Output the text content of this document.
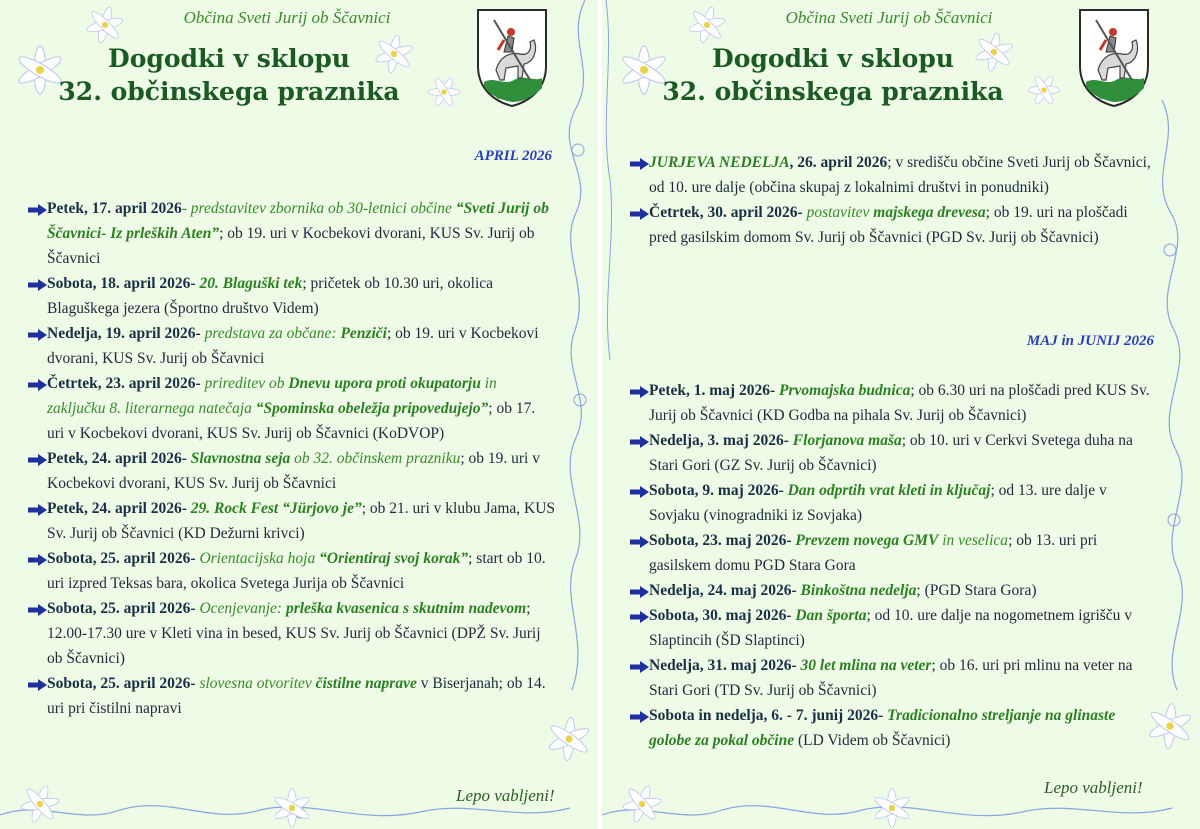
Občina Sveti Jurij ob Ščavnici
Dogodki v sklopu
32. občinskega praznika
APRIL 2026

Petek, 17. april 2026- predstavitev zbornika ob 30-letnici občine “Sveti Jurij ob Ščavnici- Iz prleških Aten”; ob 19. uri v Kocbekovi dvorani, KUS Sv. Jurij ob Ščavnici

Sobota, 18. april 2026- 20. Blaguški tek; pričetek ob 10.30 uri, okolica Blaguškega jezera (Športno društvo Videm)

Nedelja, 19. april 2026- predstava za občane: Penziči; ob 19. uri v Kocbekovi dvorani, KUS Sv. Jurij ob Ščavnici

Četrtek, 23. april 2026- prireditev ob Dnevu upora proti okupatorju in zaključku 8. literarnega natečaja “Spominska obeležja pripovedujejo”; ob 17. uri v Kocbekovi dvorani, KUS Sv. Jurij ob Ščavnici (KoDVOP)

Petek, 24. april 2026- Slavnostna seja ob 32. občinskem prazniku; ob 19. uri v Kocbekovi dvorani, KUS Sv. Jurij ob Ščavnici

Petek, 24. april 2026- 29. Rock Fest “Jürjovo je”; ob 21. uri v klubu Jama, KUS Sv. Jurij ob Ščavnici (KD Dežurni krivci)

Sobota, 25. april 2026- Orientacijska hoja “Orientiraj svoj korak”; start ob 10. uri izpred Teksas bara, okolica Svetega Jurija ob Ščavnici

Sobota, 25. april 2026- Ocenjevanje: prleška kvasenica s skutnim nadevom; 12.00-17.30 ure v Kleti vina in besed, KUS Sv. Jurij ob Ščavnici (DPŽ Sv. Jurij ob Ščavnici)

Sobota, 25. april 2026- slovesna otvoritev čistilne naprave v Biserjanah; ob 14. uri pri čistilni napravi

Lepo vabljeni!
Občina Sveti Jurij ob Ščavnici
Dogodki v sklopu
32. občinskega praznika

JURJEVA NEDELJA, 26. april 2026; v središču občine Sveti Jurij ob Ščavnici, od 10. ure dalje (občina skupaj z lokalnimi društvi in ponudniki)

Četrtek, 30. april 2026- postavitev majskega drevesa; ob 19. uri na ploščadi pred gasilskim domom Sv. Jurij ob Ščavnici (PGD Sv. Jurij ob Ščavnici)

MAJ in JUNIJ 2026

Petek, 1. maj 2026- Prvomajska budnica; ob 6.30 uri na ploščadi pred KUS Sv. Jurij ob Ščavnici (KD Godba na pihala Sv. Jurij ob Ščavnici)

Nedelja, 3. maj 2026- Florjanova maša; ob 10. uri v Cerkvi Svetega duha na Stari Gori (GZ Sv. Jurij ob Ščavnici)

Sobota, 9. maj 2026- Dan odprtih vrat kleti in ključaj; od 13. ure dalje v Sovjaku (vinogradniki iz Sovjaka)

Sobota, 23. maj 2026- Prevzem novega GMV in veselica; ob 13. uri pri gasilskem domu PGD Stara Gora

Nedelja, 24. maj 2026- Binkoštna nedelja; (PGD Stara Gora)

Sobota, 30. maj 2026- Dan športa; od 10. ure dalje na nogometnem igrišču v Slaptincih (ŠD Slaptinci)

Nedelja, 31. maj 2026- 30 let mlina na veter; ob 16. uri pri mlinu na veter na Stari Gori (TD Sv. Jurij ob Ščavnici)

Sobota in nedelja, 6. - 7. junij 2026- Tradicionalno streljanje na glinaste golobe za pokal občine (LD Videm ob Ščavnici)

Lepo vabljeni!
